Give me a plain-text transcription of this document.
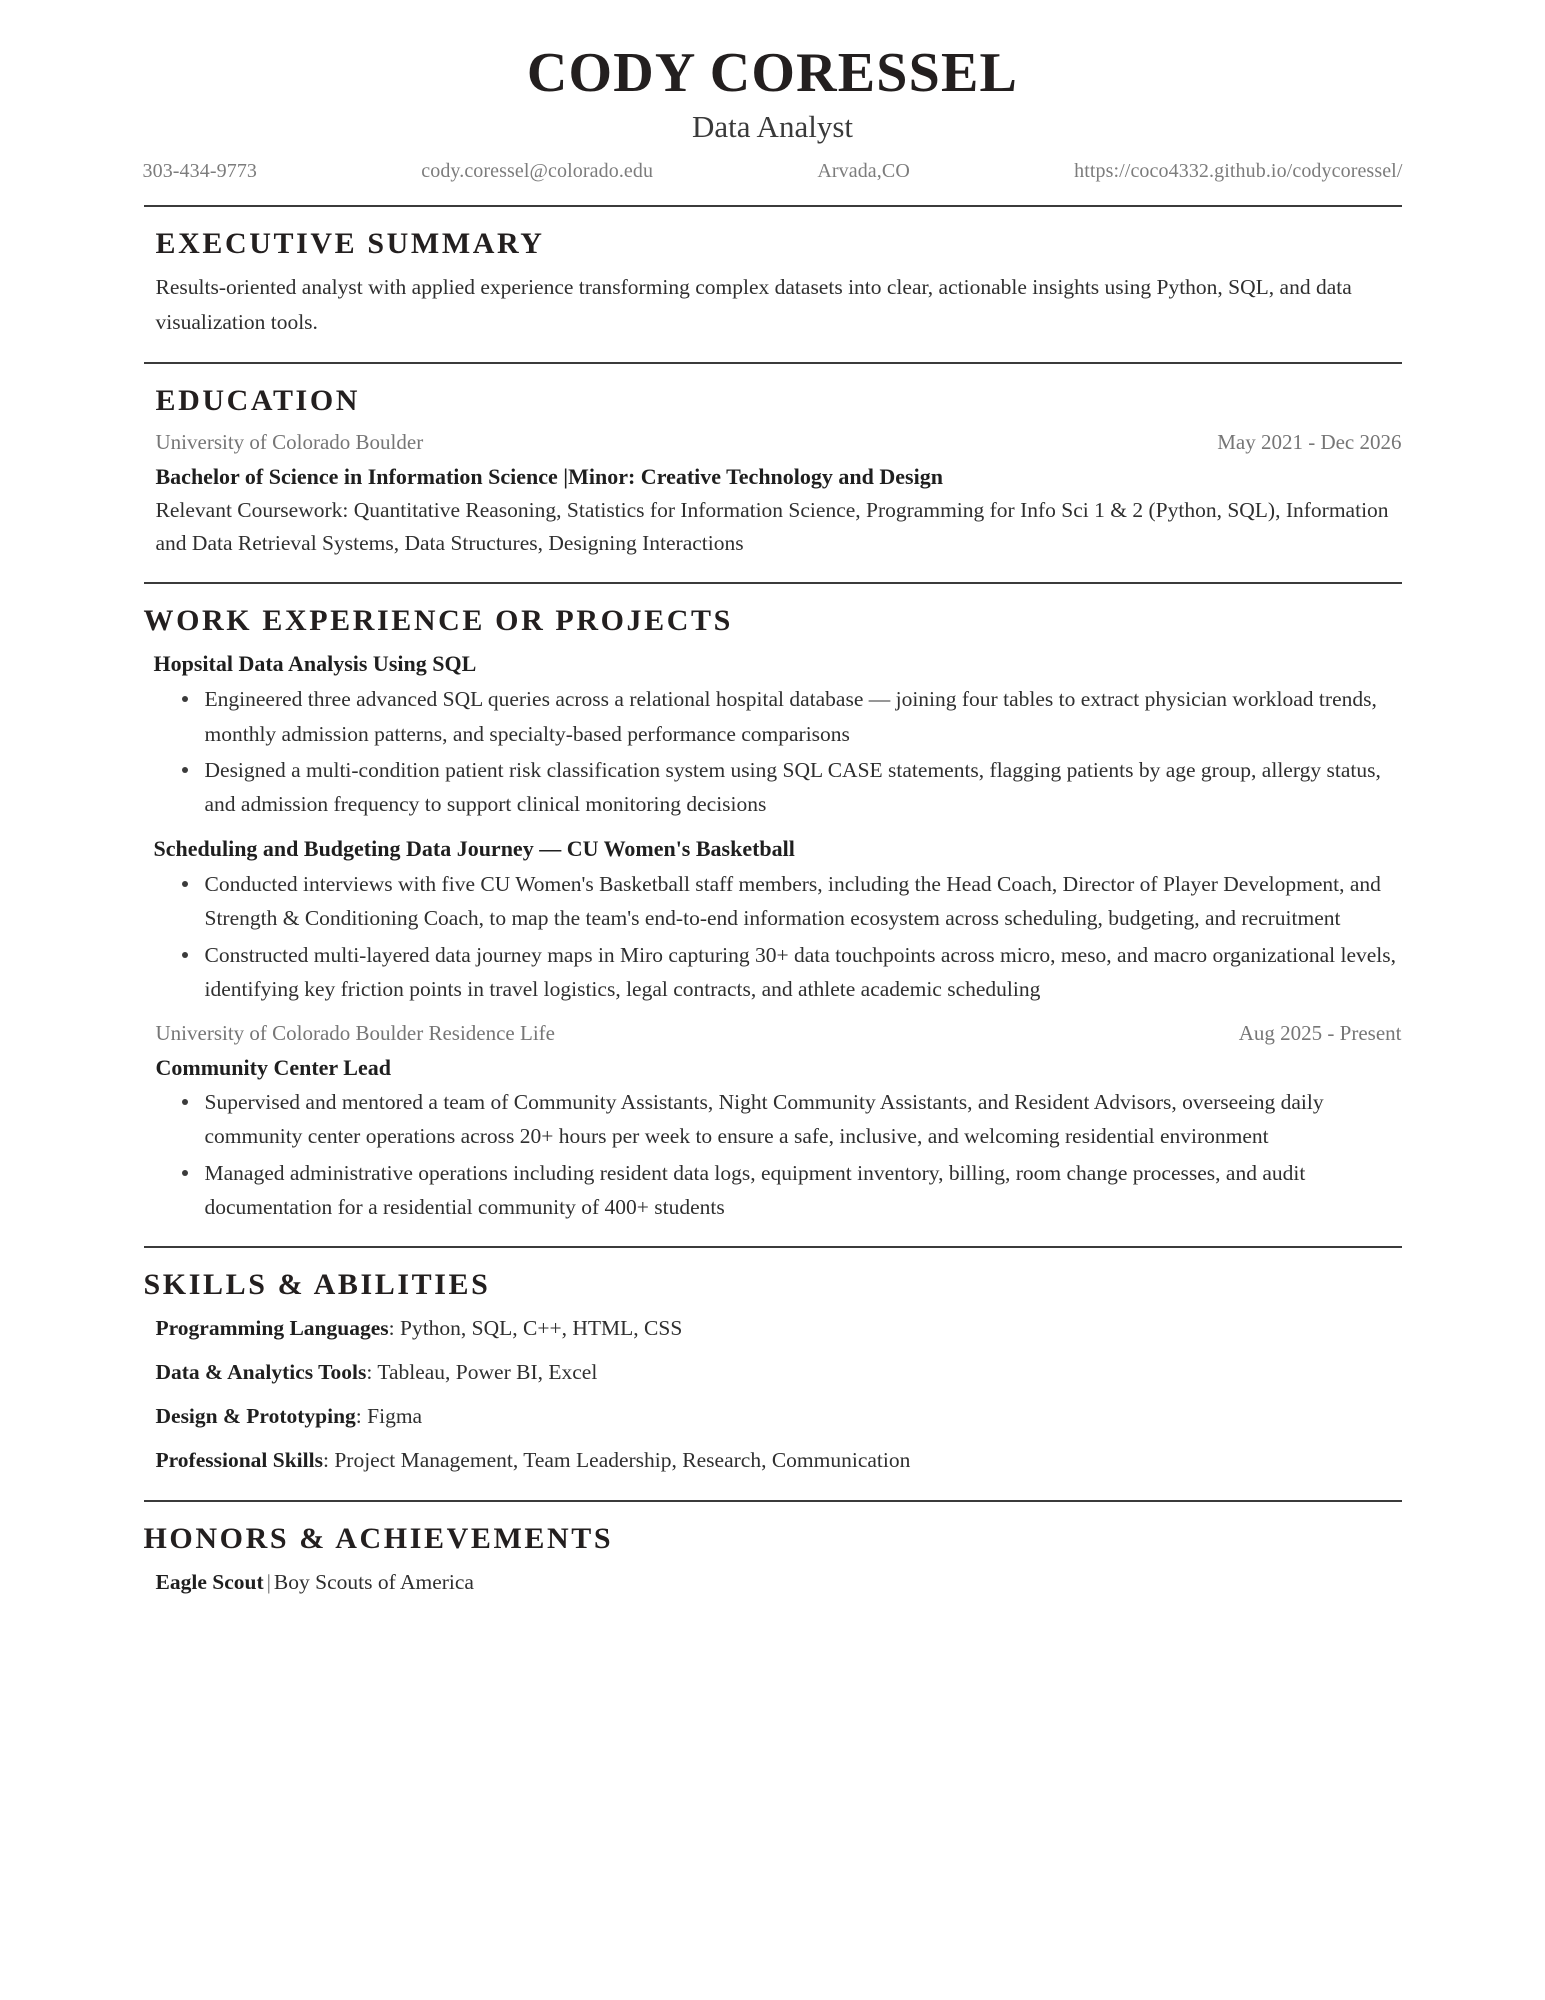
CODY CORESSEL
Data Analyst
303-434-9773	cody.coressel@colorado.edu	Arvada,CO	https://coco4332.github.io/codycoressel/
EXECUTIVE SUMMARY

Results-oriented analyst with applied experience transforming complex datasets into clear, actionable insights using Python, SQL, and data visualization tools.

EDUCATION
University of Colorado Boulder	May 2021 - Dec 2026
Bachelor of Science in Information Science |Minor: Creative Technology and Design
Relevant Coursework: Quantitative Reasoning, Statistics for Information Science, Programming for Info Sci 1 & 2 (Python, SQL), Information and Data Retrieval Systems, Data Structures, Designing Interactions
WORK EXPERIENCE OR PROJECTS
Hopsital Data Analysis Using SQL
Engineered three advanced SQL queries across a relational hospital database — joining four tables to extract physician workload trends, monthly admission patterns, and specialty-based performance comparisons
Designed a multi-condition patient risk classification system using SQL CASE statements, flagging patients by age group, allergy status, and admission frequency to support clinical monitoring decisions
Scheduling and Budgeting Data Journey — CU Women's Basketball
Conducted interviews with five CU Women's Basketball staff members, including the Head Coach, Director of Player Development, and Strength & Conditioning Coach, to map the team's end-to-end information ecosystem across scheduling, budgeting, and recruitment
Constructed multi-layered data journey maps in Miro capturing 30+ data touchpoints across micro, meso, and macro organizational levels, identifying key friction points in travel logistics, legal contracts, and athlete academic scheduling
University of Colorado Boulder Residence Life	Aug 2025 - Present
Community Center Lead
Supervised and mentored a team of Community Assistants, Night Community Assistants, and Resident Advisors, overseeing daily community center operations across 20+ hours per week to ensure a safe, inclusive, and welcoming residential environment
Managed administrative operations including resident data logs, equipment inventory, billing, room change processes, and audit documentation for a residential community of 400+ students
SKILLS & ABILITIES
Programming Languages: Python, SQL, C++, HTML, CSS
Data & Analytics Tools: Tableau, Power BI, Excel
Design & Prototyping: Figma
Professional Skills: Project Management, Team Leadership, Research, Communication
HONORS & ACHIEVEMENTS
Eagle Scout | Boy Scouts of America
